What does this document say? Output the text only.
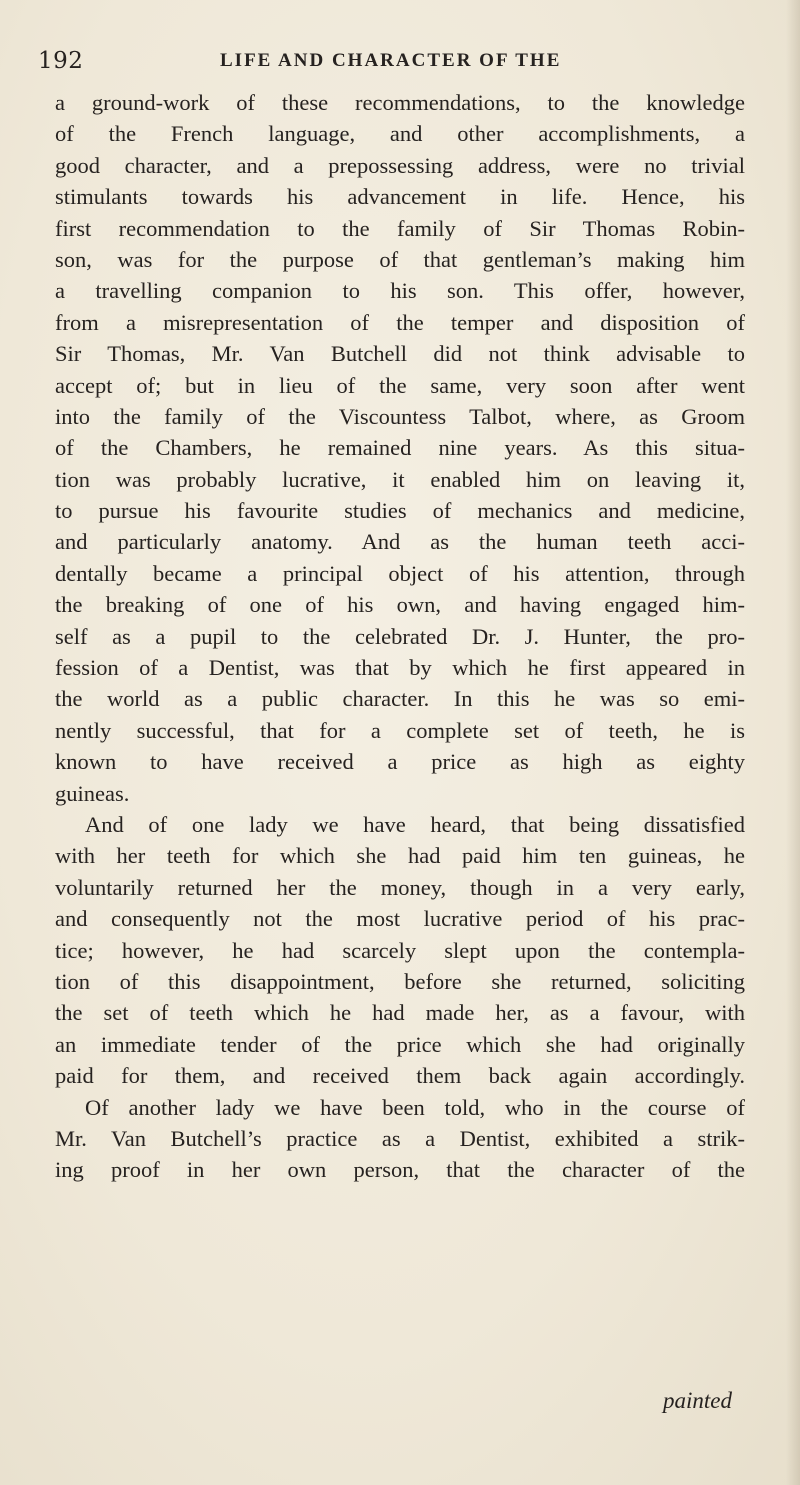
192	LIFE AND CHARACTER OF THE
a ground-work of these recommendations, to the knowledge
of the French language, and other accomplishments, a
good character, and a prepossessing address, were no trivial
stimulants towards his advancement in life. Hence, his
first recommendation to the family of Sir Thomas Robin-
son, was for the purpose of that gentleman’s making him
a travelling companion to his son. This offer, however,
from a misrepresentation of the temper and disposition of
Sir Thomas, Mr. Van Butchell did not think advisable to
accept of; but in lieu of the same, very soon after went
into the family of the Viscountess Talbot, where, as Groom
of the Chambers, he remained nine years. As this situa-
tion was probably lucrative, it enabled him on leaving it,
to pursue his favourite studies of mechanics and medicine,
and particularly anatomy. And as the human teeth acci-
dentally became a principal object of his attention, through
the breaking of one of his own, and having engaged him-
self as a pupil to the celebrated Dr. J. Hunter, the pro-
fession of a Dentist, was that by which he first appeared in
the world as a public character. In this he was so emi-
nently successful, that for a complete set of teeth, he is
known to have received a price as high as eighty
guineas.
And of one lady we have heard, that being dissatisfied
with her teeth for which she had paid him ten guineas, he
voluntarily returned her the money, though in a very early,
and consequently not the most lucrative period of his prac-
tice; however, he had scarcely slept upon the contempla-
tion of this disappointment, before she returned, soliciting
the set of teeth which he had made her, as a favour, with
an immediate tender of the price which she had originally
paid for them, and received them back again accordingly.
Of another lady we have been told, who in the course of
Mr. Van Butchell’s practice as a Dentist, exhibited a strik-
ing proof in her own person, that the character of the
painted
